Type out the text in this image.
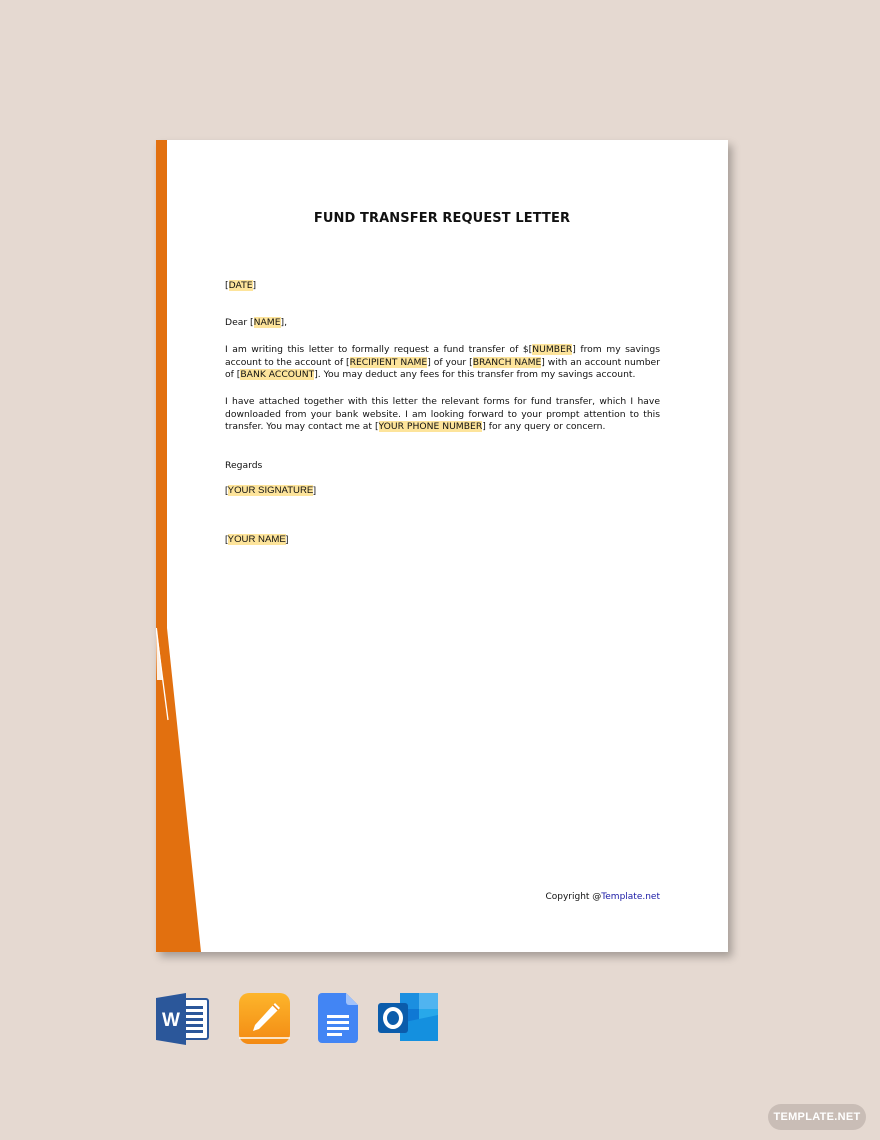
FUND TRANSFER REQUEST LETTER

[DATE]

Dear [NAME],

I am writing this letter to formally request a fund transfer of $[NUMBER] from my savings account to the account of [RECIPIENT NAME] of your [BRANCH NAME] with an account number of [BANK ACCOUNT]. You may deduct any fees for this transfer from my savings account.

I have attached together with this letter the relevant forms for fund transfer, which I have downloaded from your bank website. I am looking forward to your prompt attention to this transfer. You may contact me at [YOUR PHONE NUMBER] for any query or concern.

Regards

[YOUR SIGNATURE]

[YOUR NAME]

Copyright @Template.net
W
TEMPLATE.NET
